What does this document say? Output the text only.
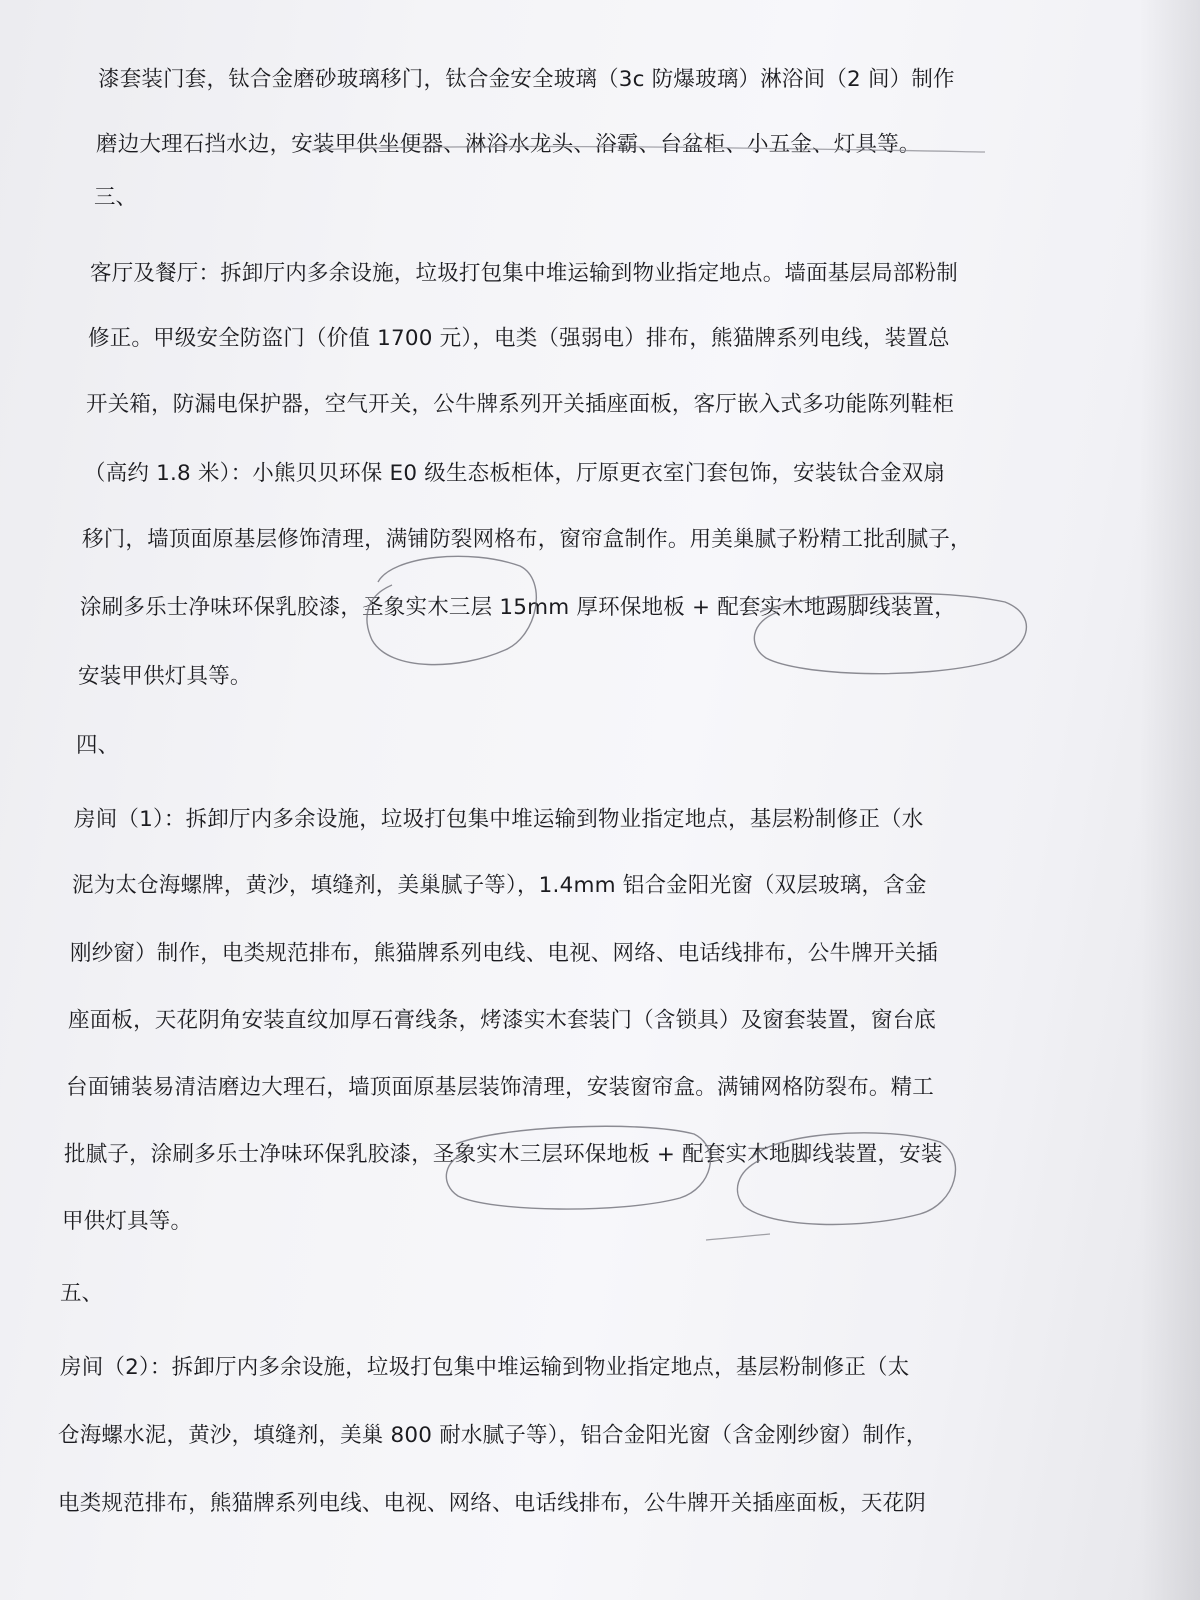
漆套装门套，钛合金磨砂玻璃移门，钛合金安全玻璃（3c 防爆玻璃）淋浴间（2 间）制作
磨边大理石挡水边，安装甲供坐便器、淋浴水龙头、浴霸、台盆柜、小五金、灯具等。
三、
客厅及餐厅：拆卸厅内多余设施，垃圾打包集中堆运输到物业指定地点。墙面基层局部粉制
修正。甲级安全防盗门（价值 1700 元），电类（强弱电）排布，熊猫牌系列电线，装置总
开关箱，防漏电保护器，空气开关，公牛牌系列开关插座面板，客厅嵌入式多功能陈列鞋柜
（高约 1.8 米）：小熊贝贝环保 E0 级生态板柜体，厅原更衣室门套包饰，安装钛合金双扇
移门，墙顶面原基层修饰清理，满铺防裂网格布，窗帘盒制作。用美巢腻子粉精工批刮腻子，
涂刷多乐士净味环保乳胶漆，圣象实木三层 15mm 厚环保地板 + 配套实木地踢脚线装置，
安装甲供灯具等。
四、
房间（1）：拆卸厅内多余设施，垃圾打包集中堆运输到物业指定地点，基层粉制修正（水
泥为太仓海螺牌，黄沙，填缝剂，美巢腻子等），1.4mm 铝合金阳光窗（双层玻璃，含金
刚纱窗）制作，电类规范排布，熊猫牌系列电线、电视、网络、电话线排布，公牛牌开关插
座面板，天花阴角安装直纹加厚石膏线条，烤漆实木套装门（含锁具）及窗套装置，窗台底
台面铺装易清洁磨边大理石，墙顶面原基层装饰清理，安装窗帘盒。满铺网格防裂布。精工
批腻子，涂刷多乐士净味环保乳胶漆，圣象实木三层环保地板 + 配套实木地脚线装置，安装
甲供灯具等。
五、
房间（2）：拆卸厅内多余设施，垃圾打包集中堆运输到物业指定地点，基层粉制修正（太
仓海螺水泥，黄沙，填缝剂，美巢 800 耐水腻子等），铝合金阳光窗（含金刚纱窗）制作，
电类规范排布，熊猫牌系列电线、电视、网络、电话线排布，公牛牌开关插座面板，天花阴
